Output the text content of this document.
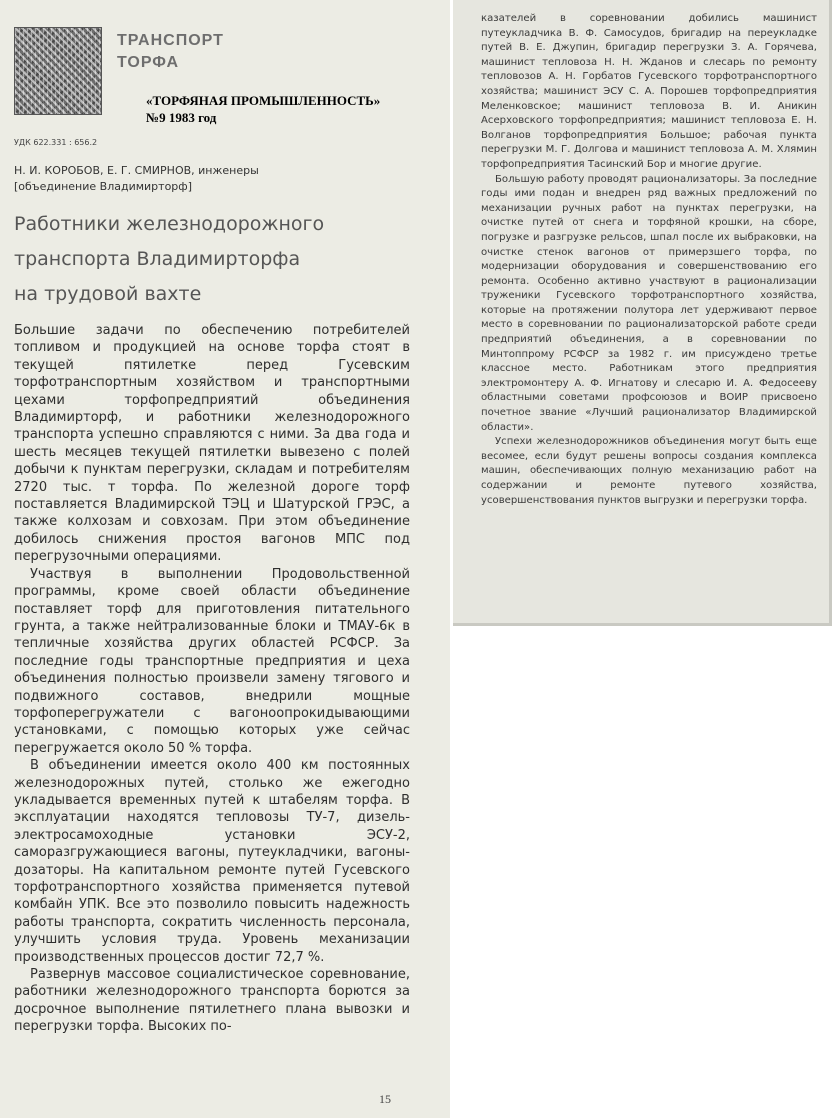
ТРАНСПОРТ
ТОРФА
«ТОРФЯНАЯ ПРОМЫШЛЕННОСТЬ»
№9 1983 год
УДК 622.331 : 656.2
Н. И. КОРОБОВ, Е. Г. СМИРНОВ, инженеры
[объединение Владимирторф]
Работники железнодорожного
транспорта Владимирторфа
на трудовой вахте

Большие задачи по обеспечению потребителей топливом и продукцией на основе торфа стоят в текущей пятилетке перед Гусевским торфотранспортным хозяйством и транспортными цехами торфопредприятий объединения Владимирторф, и работники железнодорожного транспорта успешно справляются с ними. За два года и шесть месяцев текущей пятилетки вывезено с полей добычи к пунктам перегрузки, складам и потребителям 2720 тыс. т торфа. По железной дороге торф поставляется Владимирской ТЭЦ и Шатурской ГРЭС, а также колхозам и совхозам. При этом объединение добилось снижения простоя вагонов МПС под перегрузочными операциями.

Участвуя в выполнении Продовольственной программы, кроме своей области объединение поставляет торф для приготовления питательного грунта, а также нейтрализованные блоки и ТМАУ-6к в тепличные хозяйства других областей РСФСР. За последние годы транспортные предприятия и цеха объединения полностью произвели замену тягового и подвижного составов, внедрили мощные торфоперегружатели с вагоноопрокидывающими установками, с помощью которых уже сейчас перегружается около 50 % торфа.

В объединении имеется около 400 км постоянных железнодорожных путей, столько же ежегодно укладывается временных путей к штабелям торфа. В эксплуатации находятся тепловозы ТУ-7, дизель-электросамоходные установки ЭСУ-2, саморазгружающиеся вагоны, путеукладчики, вагоны-дозаторы. На капитальном ремонте путей Гусевского торфотранспортного хозяйства применяется путевой комбайн УПК. Все это позволило повысить надежность работы транспорта, сократить численность персонала, улучшить условия труда. Уровень механизации производственных процессов достиг 72,7 %.

Развернув массовое социалистическое соревнование, работники железнодорожного транспорта борются за досрочное выполнение пятилетнего плана вывозки и перегрузки торфа. Высоких по-

15

казателей в соревновании добились машинист путеукладчика В. Ф. Самосудов, бригадир на переукладке путей В. Е. Джупин, бригадир перегрузки З. А. Горячева, машинист тепловоза Н. Н. Жданов и слесарь по ремонту тепловозов А. Н. Горбатов Гусевского торфотранспортного хозяйства; машинист ЭСУ С. А. Порошев торфопредприятия Меленковское; машинист тепловоза В. И. Аникин Асерховского торфопредприятия; машинист тепловоза Е. Н. Волганов торфопредприятия Большое; рабочая пункта перегрузки М. Г. Долгова и машинист тепловоза А. М. Хлямин торфопредприятия Тасинский Бор и многие другие.

Большую работу проводят рационализаторы. За последние годы ими подан и внедрен ряд важных предложений по механизации ручных работ на пунктах перегрузки, на очистке путей от снега и торфяной крошки, на сборе, погрузке и разгрузке рельсов, шпал после их выбраковки, на очистке стенок вагонов от примерзшего торфа, по модернизации оборудования и совершенствованию его ремонта. Особенно активно участвуют в рационализации труженики Гусевского торфотранспортного хозяйства, которые на протяжении полутора лет удерживают первое место в соревновании по рационализаторской работе среди предприятий объединения, а в соревновании по Минтоппрому РСФСР за 1982 г. им присуждено третье классное место. Работникам этого предприятия электромонтеру А. Ф. Игнатову и слесарю И. А. Федосееву областными советами профсоюзов и ВОИР присвоено почетное звание «Лучший рационализатор Владимирской области».

Успехи железнодорожников объединения могут быть еще весомее, если будут решены вопросы создания комплекса машин, обеспечивающих полную механизацию работ на содержании и ремонте путевого хозяйства, усовершенствования пунктов выгрузки и перегрузки торфа.
